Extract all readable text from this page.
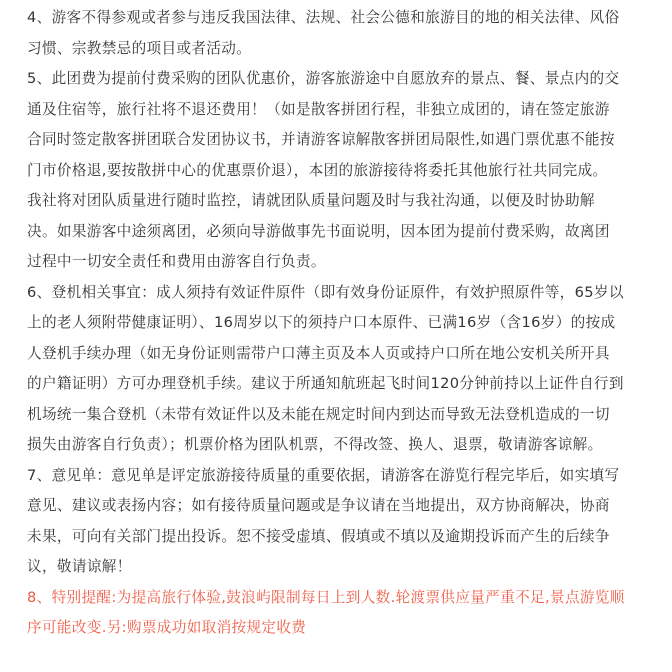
4、游客不得参观或者参与违反我国法律、法规、社会公德和旅游目的地的相关法律、风俗
习惯、宗教禁忌的项目或者活动。
5、此团费为提前付费采购的团队优惠价，游客旅游途中自愿放弃的景点、餐、景点内的交
通及住宿等，旅行社将不退还费用！（如是散客拼团行程，非独立成团的，请在签定旅游
合同时签定散客拼团联合发团协议书，并请游客谅解散客拼团局限性,如遇门票优惠不能按
门市价格退,要按散拼中心的优惠票价退），本团的旅游接待将委托其他旅行社共同完成。
我社将对团队质量进行随时监控，请就团队质量问题及时与我社沟通，以便及时协助解
决。如果游客中途须离团，必须向导游做事先书面说明，因本团为提前付费采购，故离团
过程中一切安全责任和费用由游客自行负责。
6、登机相关事宜：成人须持有效证件原件（即有效身份证原件，有效护照原件等，65岁以
上的老人须附带健康证明）、16周岁以下的须持户口本原件、已满16岁（含16岁）的按成
人登机手续办理（如无身份证则需带户口薄主页及本人页或持户口所在地公安机关所开具
的户籍证明）方可办理登机手续。建议于所通知航班起飞时间120分钟前持以上证件自行到
机场统一集合登机（未带有效证件以及未能在规定时间内到达而导致无法登机造成的一切
损失由游客自行负责）；机票价格为团队机票，不得改签、换人、退票，敬请游客谅解。
7、意见单：意见单是评定旅游接待质量的重要依据，请游客在游览行程完毕后，如实填写
意见、建议或表扬内容；如有接待质量问题或是争议请在当地提出，双方协商解决，协商
未果，可向有关部门提出投诉。恕不接受虚填、假填或不填以及逾期投诉而产生的后续争
议，敬请谅解！
8、特别提醒:为提高旅行体验,鼓浪屿限制每日上到人数.轮渡票供应量严重不足,景点游览顺
序可能改变.另:购票成功如取消按规定收费
